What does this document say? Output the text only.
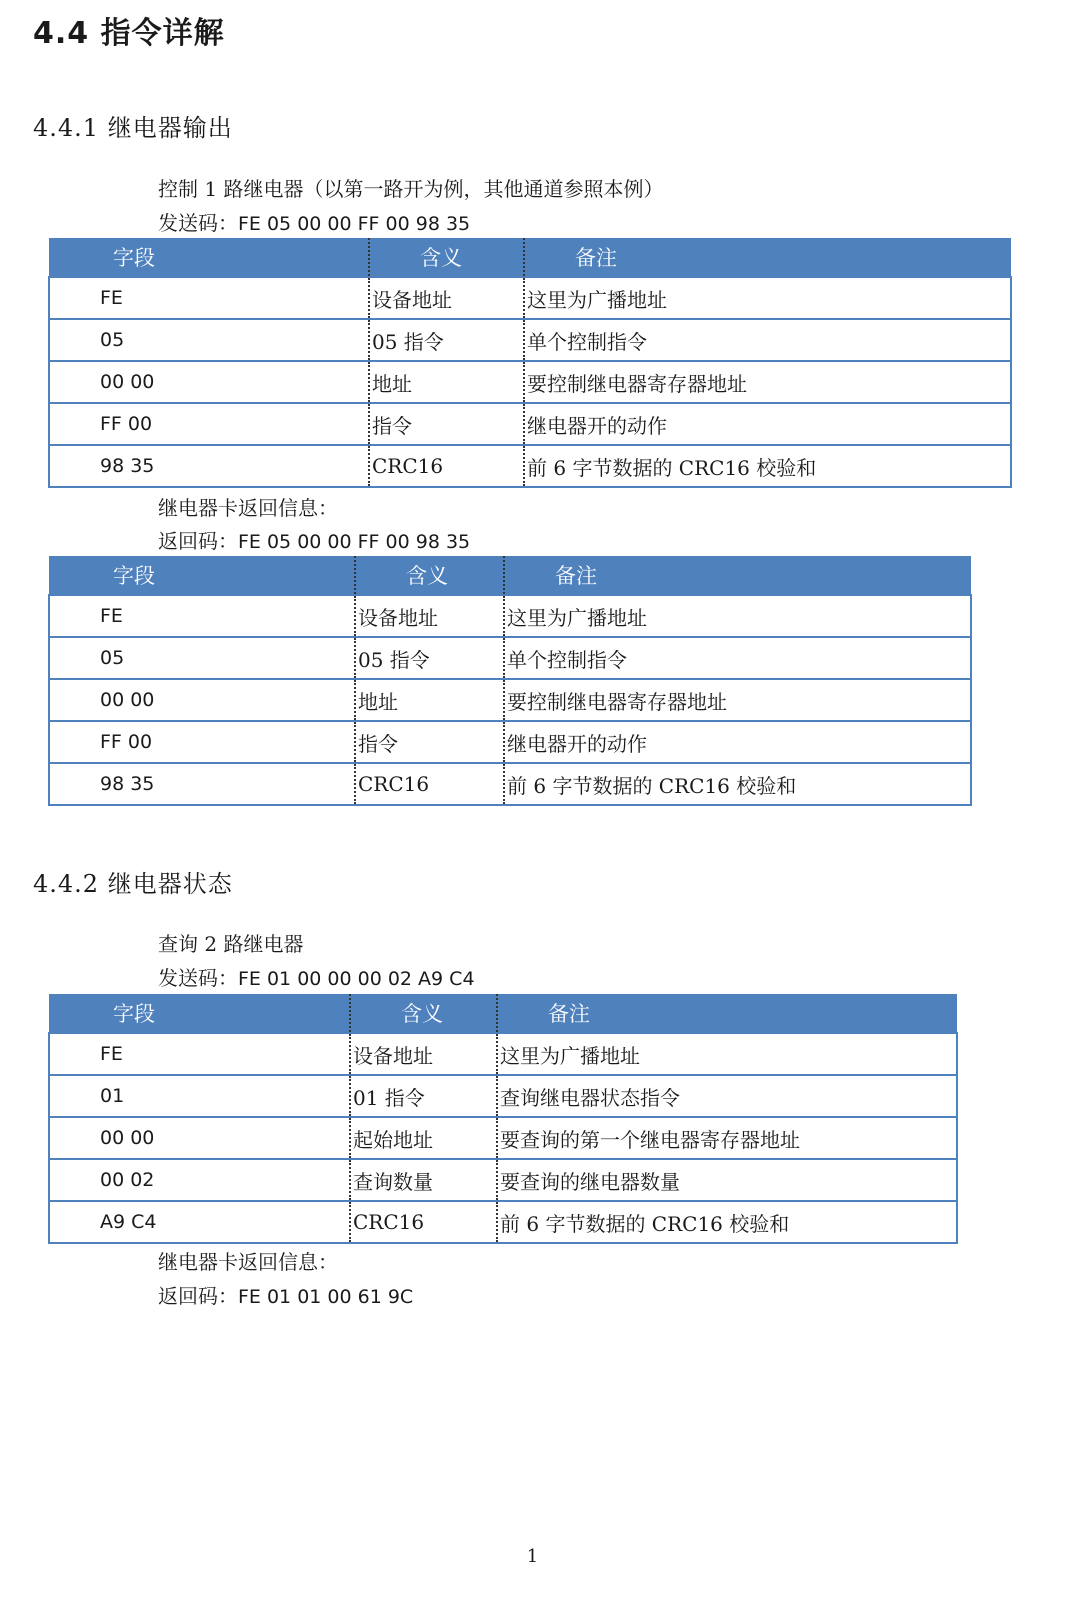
4.4 指令详解
4.4.1 继电器输出
控制 1 路继电器（以第一路开为例，其他通道参照本例）
发送码：FE 05 00 00 FF 00 98 35
字段	含义	备注
FE	设备地址	这里为广播地址
05	05 指令	单个控制指令
00 00	地址	要控制继电器寄存器地址
FF 00	指令	继电器开的动作
98 35	CRC16	前 6 字节数据的 CRC16 校验和
继电器卡返回信息：
返回码：FE 05 00 00 FF 00 98 35
字段	含义	备注
FE	设备地址	这里为广播地址
05	05 指令	单个控制指令
00 00	地址	要控制继电器寄存器地址
FF 00	指令	继电器开的动作
98 35	CRC16	前 6 字节数据的 CRC16 校验和
4.4.2 继电器状态
查询 2 路继电器
发送码：FE 01 00 00 00 02 A9 C4
字段	含义	备注
FE	设备地址	这里为广播地址
01	01 指令	查询继电器状态指令
00 00	起始地址	要查询的第一个继电器寄存器地址
00 02	查询数量	要查询的继电器数量
A9 C4	CRC16	前 6 字节数据的 CRC16 校验和
继电器卡返回信息：
返回码：FE 01 01 00 61 9C
1
